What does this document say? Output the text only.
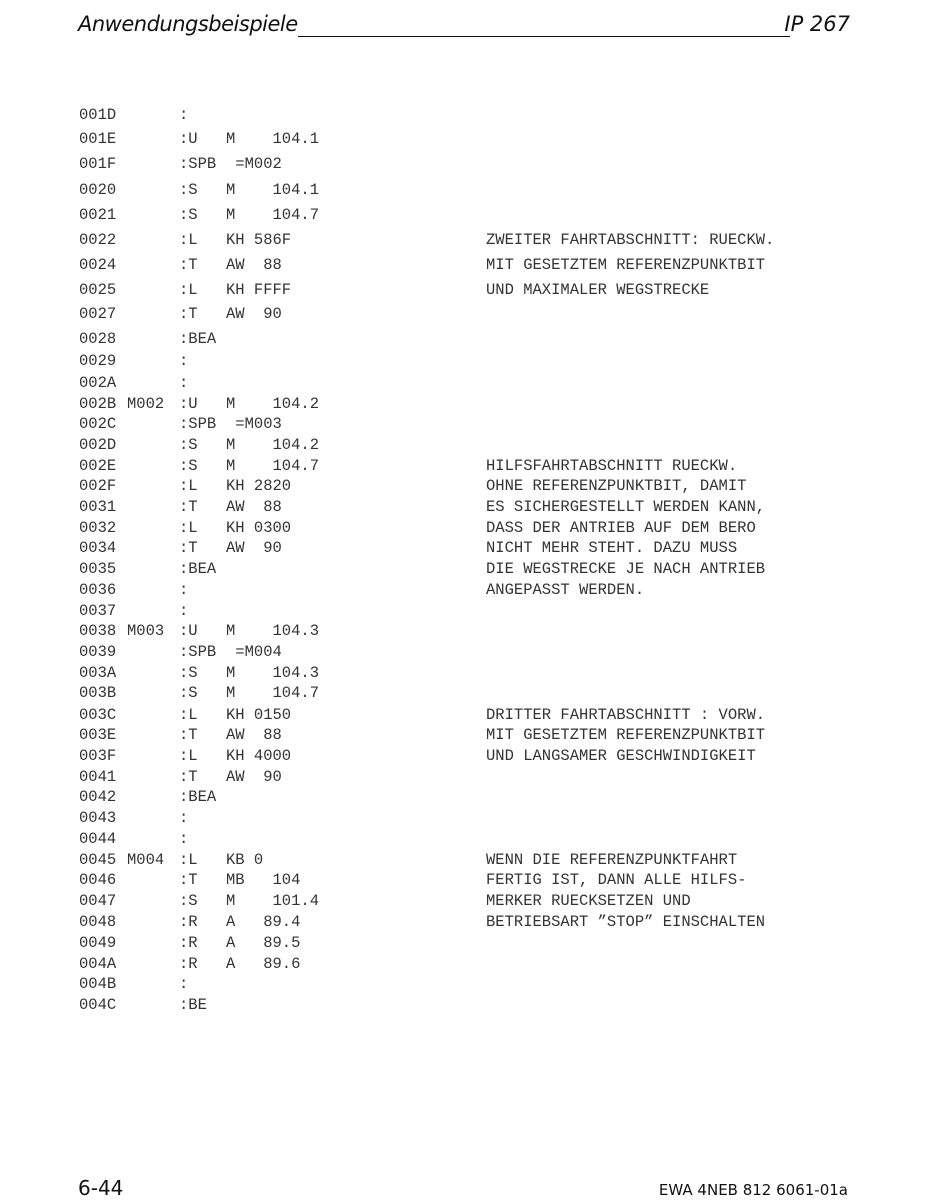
Anwendungsbeispiele	IP 267
001D	:
001E	:U M    104.1
001F	:SPB =M002
0020	:S M    104.1
0021	:S M    104.7
0022	:L KH 586F	ZWEITER FAHRTABSCHNITT: RUECKW.
0024	:T AW  88	MIT GESETZTEM REFERENZPUNKTBIT
0025	:L KH FFFF	UND MAXIMALER WEGSTRECKE
0027	:T AW  90
0028	:BEA
0029	:
002A	:
002B M002 :U M    104.2
002C	:SPB =M003
002D	:S M    104.2
002E	:S M    104.7	HILFSFAHRTABSCHNITT RUECKW.
002F	:L KH 2820	OHNE REFERENZPUNKTBIT, DAMIT
0031	:T AW  88	ES SICHERGESTELLT WERDEN KANN,
0032	:L KH 0300	DASS DER ANTRIEB AUF DEM BERO
0034	:T AW  90	NICHT MEHR STEHT. DAZU MUSS
0035	:BEA	DIE WEGSTRECKE JE NACH ANTRIEB
0036	:	ANGEPASST WERDEN.
0037	:
0038 M003 :U M    104.3
0039	:SPB =M004
003A	:S M    104.3
003B	:S M    104.7
003C	:L KH 0150	DRITTER FAHRTABSCHNITT : VORW.
003E	:T AW  88	MIT GESETZTEM REFERENZPUNKTBIT
003F	:L KH 4000	UND LANGSAMER GESCHWINDIGKEIT
0041	:T AW  90
0042	:BEA
0043	:
0044	:
0045 M004 :L KB 0	WENN DIE REFERENZPUNKTFAHRT
0046	:T MB   104	FERTIG IST, DANN ALLE HILFS-
0047	:S M    101.4	MERKER RUECKSETZEN UND
0048	:R A   89.4	BETRIEBSART ”STOP” EINSCHALTEN
0049	:R A   89.5
004A	:R A   89.6
004B	:
004C	:BE
6-44	EWA 4NEB 812 6061-01a
